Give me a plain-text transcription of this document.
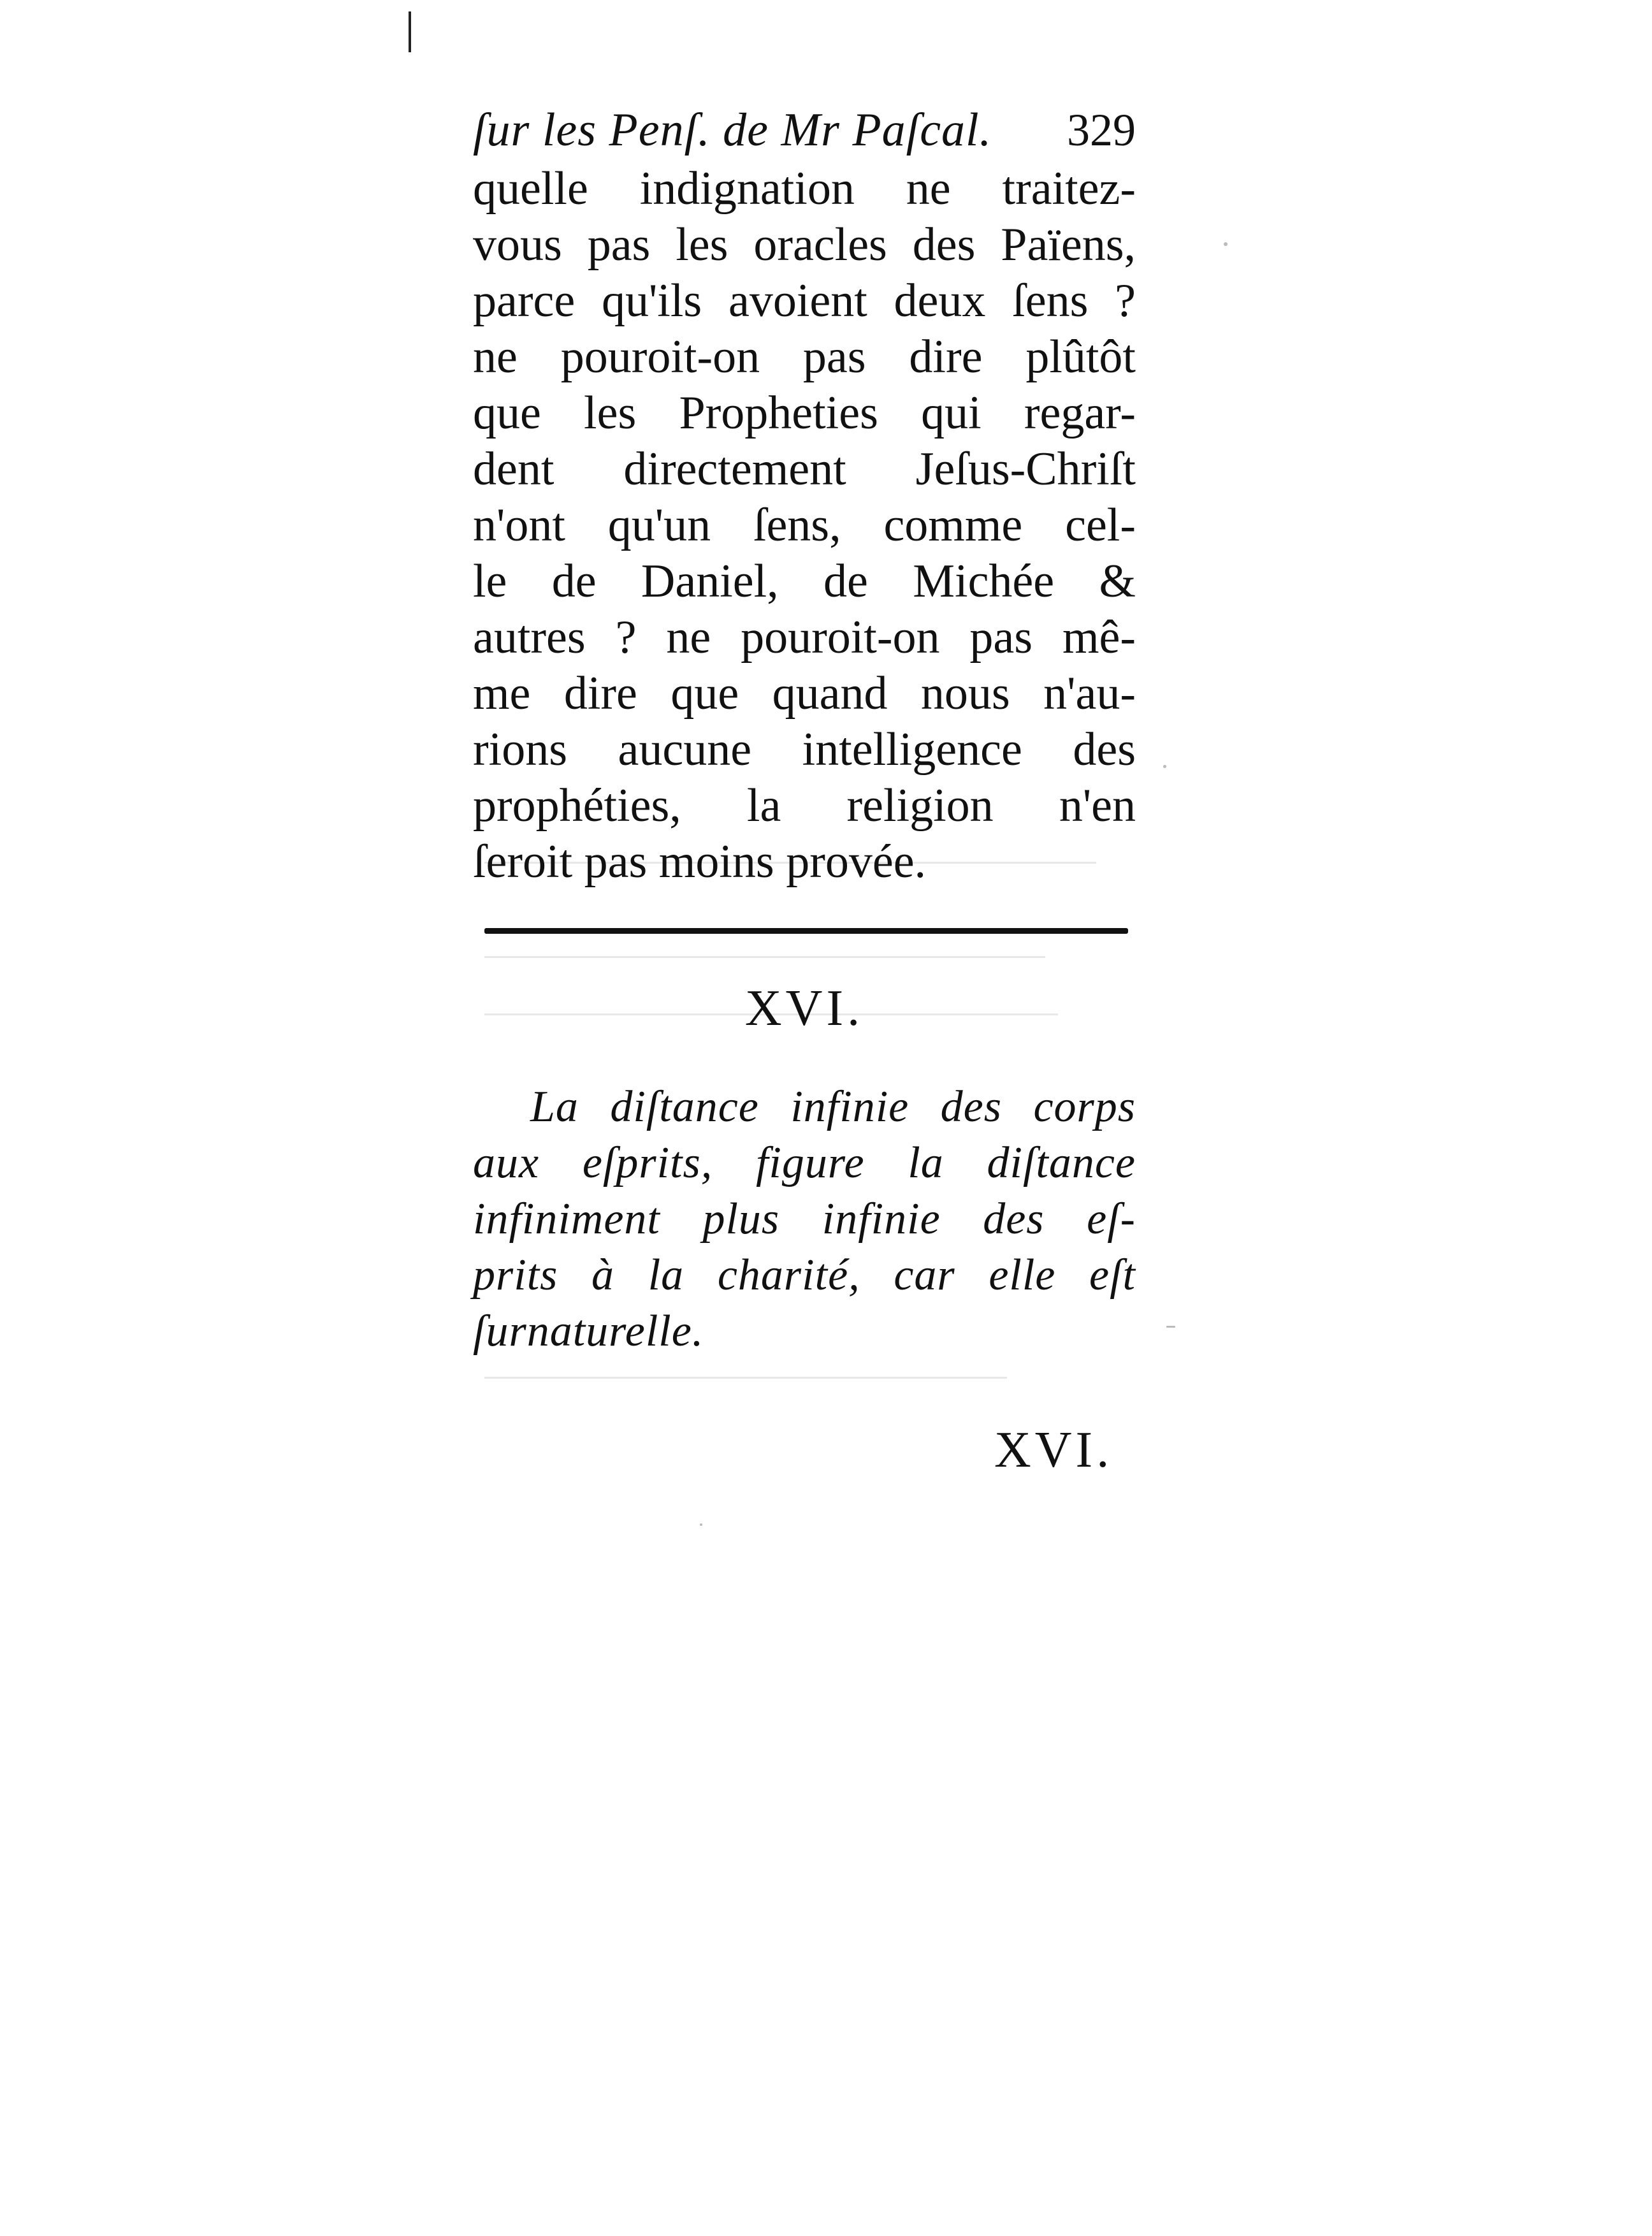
ſur les Penſ. de Mr Paſcal. 329
quelle indignation ne traitez-
vous pas les oracles des Païens,
parce qu'ils avoient deux ſens ?
ne pouroit-on pas dire plûtôt
que les Propheties qui regar-
dent directement Jeſus-Chriſt
n'ont qu'un ſens, comme cel-
le de Daniel, de Michée &
autres ? ne pouroit-on pas mê-
me dire que quand nous n'au-
rions aucune intelligence des
prophéties, la religion n'en
ſeroit pas moins provée.
XVI.
La diſtance infinie des corps
aux eſprits, figure la diſtance
infiniment plus infinie des eſ-
prits à la charité, car elle eſt
ſurnaturelle.
XVI.
